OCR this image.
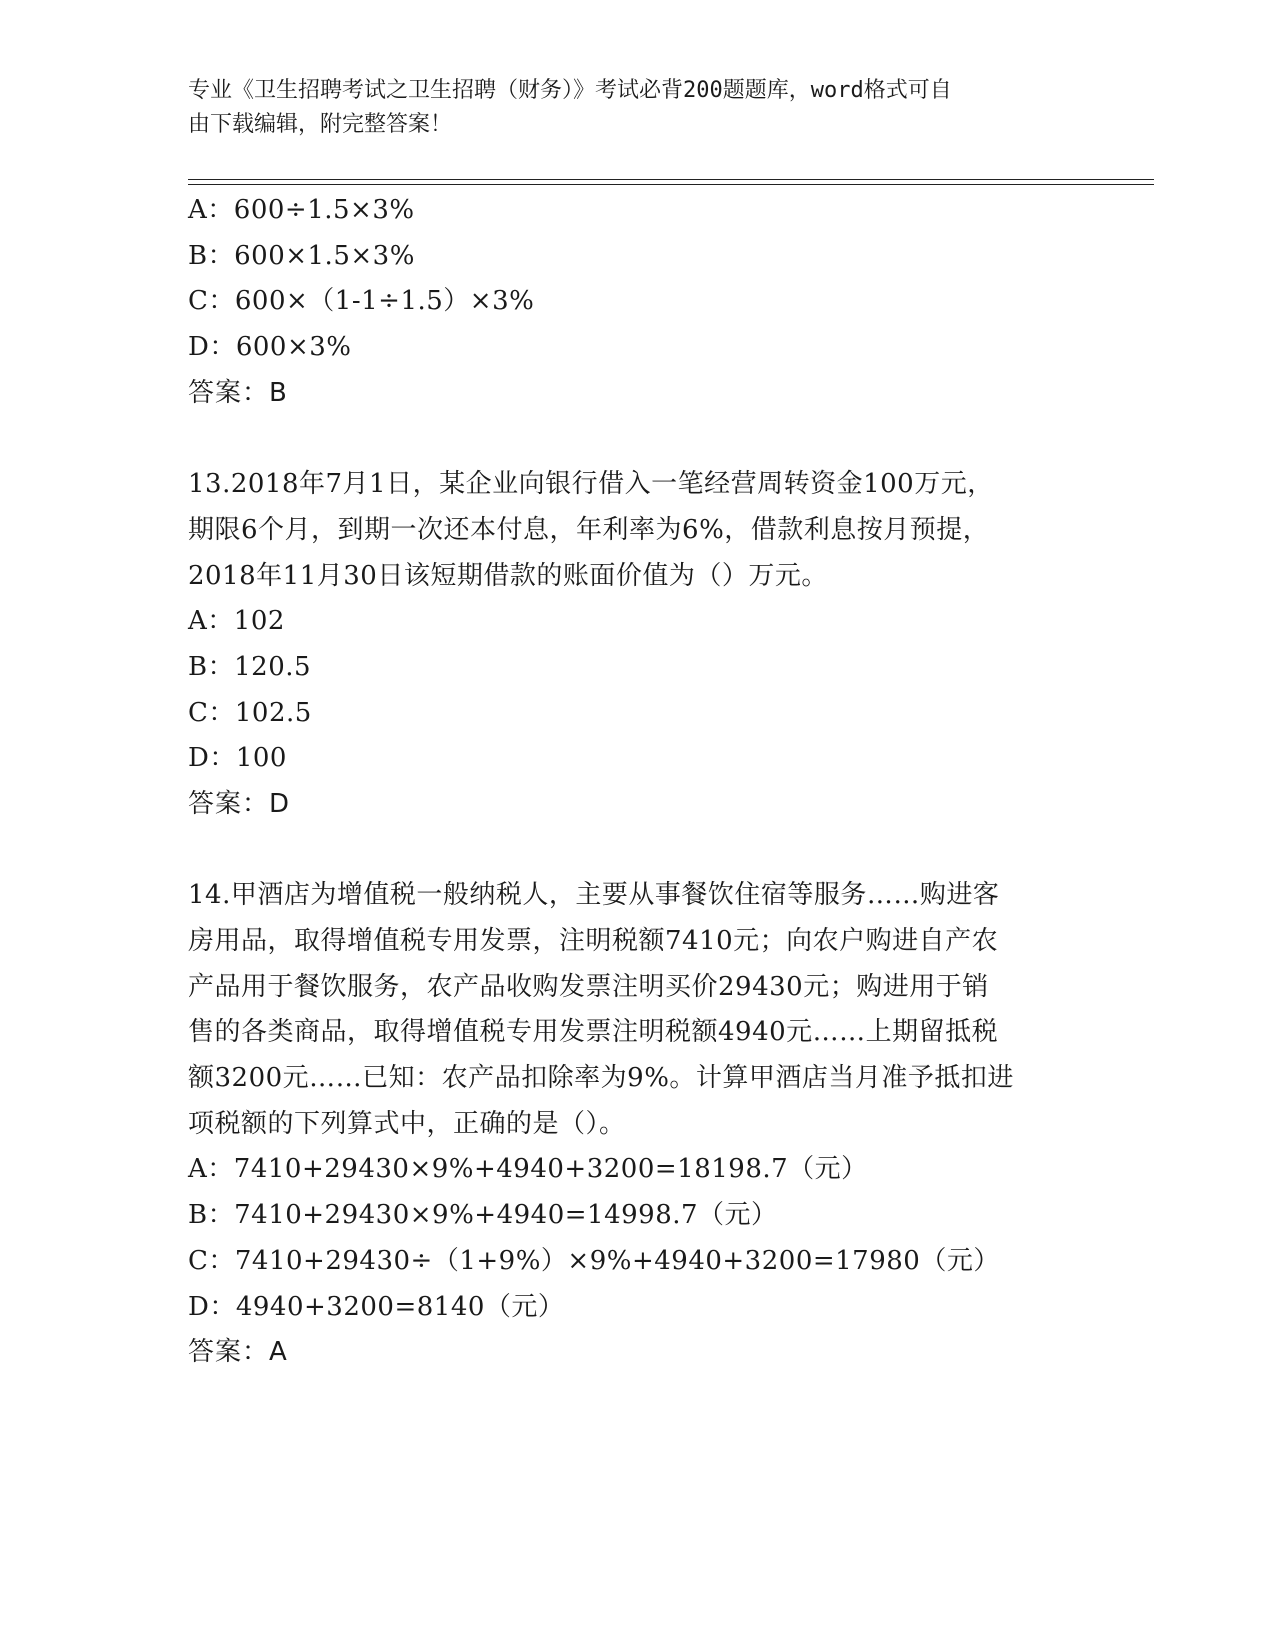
专业《卫生招聘考试之卫生招聘（财务）》考试必背200题题库，word格式可自
由下载编辑，附完整答案！
A：600÷1.5×3%
B：600×1.5×3%
C：600×（1-1÷1.5）×3%
D：600×3%
答案：B
13.2018年7月1日，某企业向银行借入一笔经营周转资金100万元，
期限6个月，到期一次还本付息，年利率为6%，借款利息按月预提，
2018年11月30日该短期借款的账面价值为（）万元。
A：102
B：120.5
C：102.5
D：100
答案：D
14.甲酒店为增值税一般纳税人，主要从事餐饮住宿等服务……购进客
房用品，取得增值税专用发票，注明税额7410元；向农户购进自产农
产品用于餐饮服务，农产品收购发票注明买价29430元；购进用于销
售的各类商品，取得增值税专用发票注明税额4940元……上期留抵税
额3200元……已知：农产品扣除率为9%。计算甲酒店当月准予抵扣进
项税额的下列算式中，正确的是（）。
A：7410+29430×9%+4940+3200=18198.7（元）
B：7410+29430×9%+4940=14998.7（元）
C：7410+29430÷（1+9%）×9%+4940+3200=17980（元）
D：4940+3200=8140（元）
答案：A
